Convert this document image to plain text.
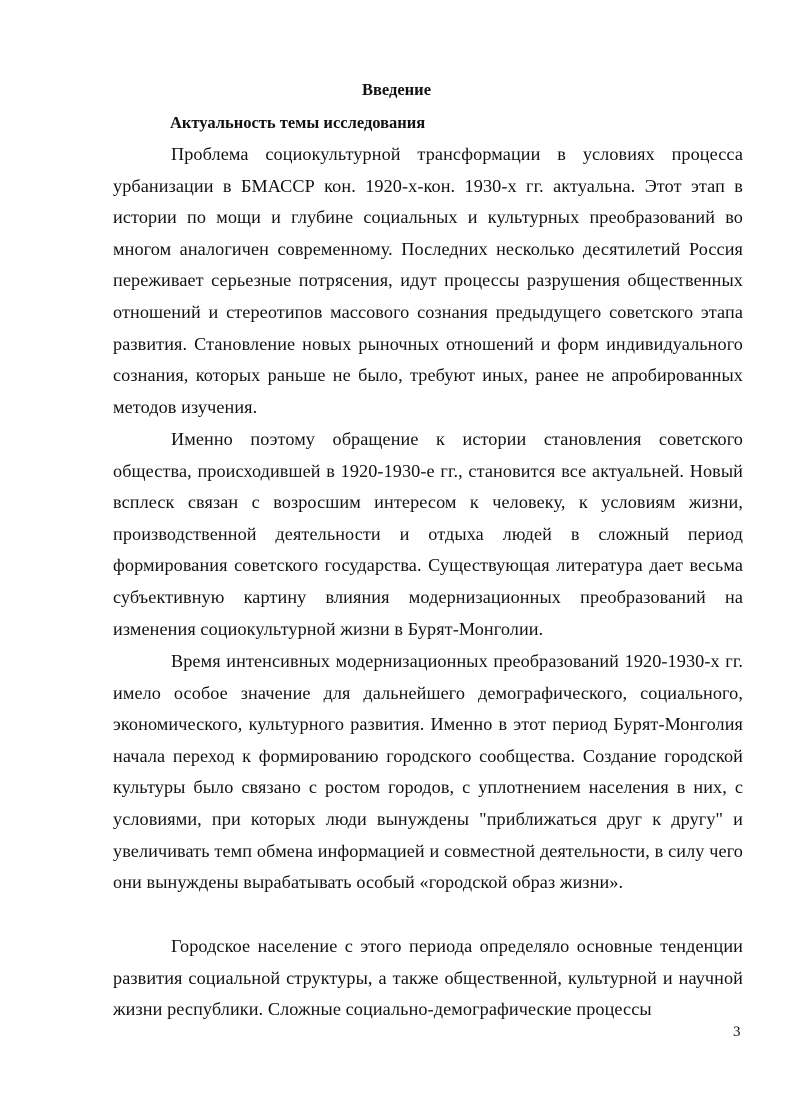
Введение
Актуальность темы исследования
Проблема социокультурной трансформации в условиях процесса урбанизации в БМАССР кон. 1920-х-кон. 1930-х гг. актуальна. Этот этап в истории по мощи и глубине социальных и культурных преобразований во многом аналогичен современному. Последних несколько десятилетий Россия переживает серьезные потрясения, идут процессы разрушения общественных отношений и стереотипов массового сознания предыдущего советского этапа развития. Становление новых рыночных отношений и форм индивидуального сознания, которых раньше не было, требуют иных, ранее не апробированных методов изучения.
Именно поэтому обращение к истории становления советского общества, происходившей в 1920-1930-е гг., становится все актуальней. Новый всплеск связан с возросшим интересом к человеку, к условиям жизни, производственной деятельности и отдыха людей в сложный период формирования советского государства. Существующая литература дает весьма субъективную картину влияния модернизационных преобразований на изменения социокультурной жизни в Бурят-Монголии.
Время интенсивных модернизационных преобразований 1920-1930-х гг. имело особое значение для дальнейшего демографического, социального, экономического, культурного развития. Именно в этот период Бурят-Монголия начала переход к формированию городского сообщества. Создание городской культуры было связано с ростом городов, с уплотнением населения в них, с условиями, при которых люди вынуждены "приближаться друг к другу" и увеличивать темп обмена информацией и совместной деятельности, в силу чего они вынуждены вырабатывать особый «городской образ жизни».
Городское население с этого периода определяло основные тенденции развития социальной структуры, а также общественной, культурной и научной жизни республики. Сложные социально-демографические процессы
3
